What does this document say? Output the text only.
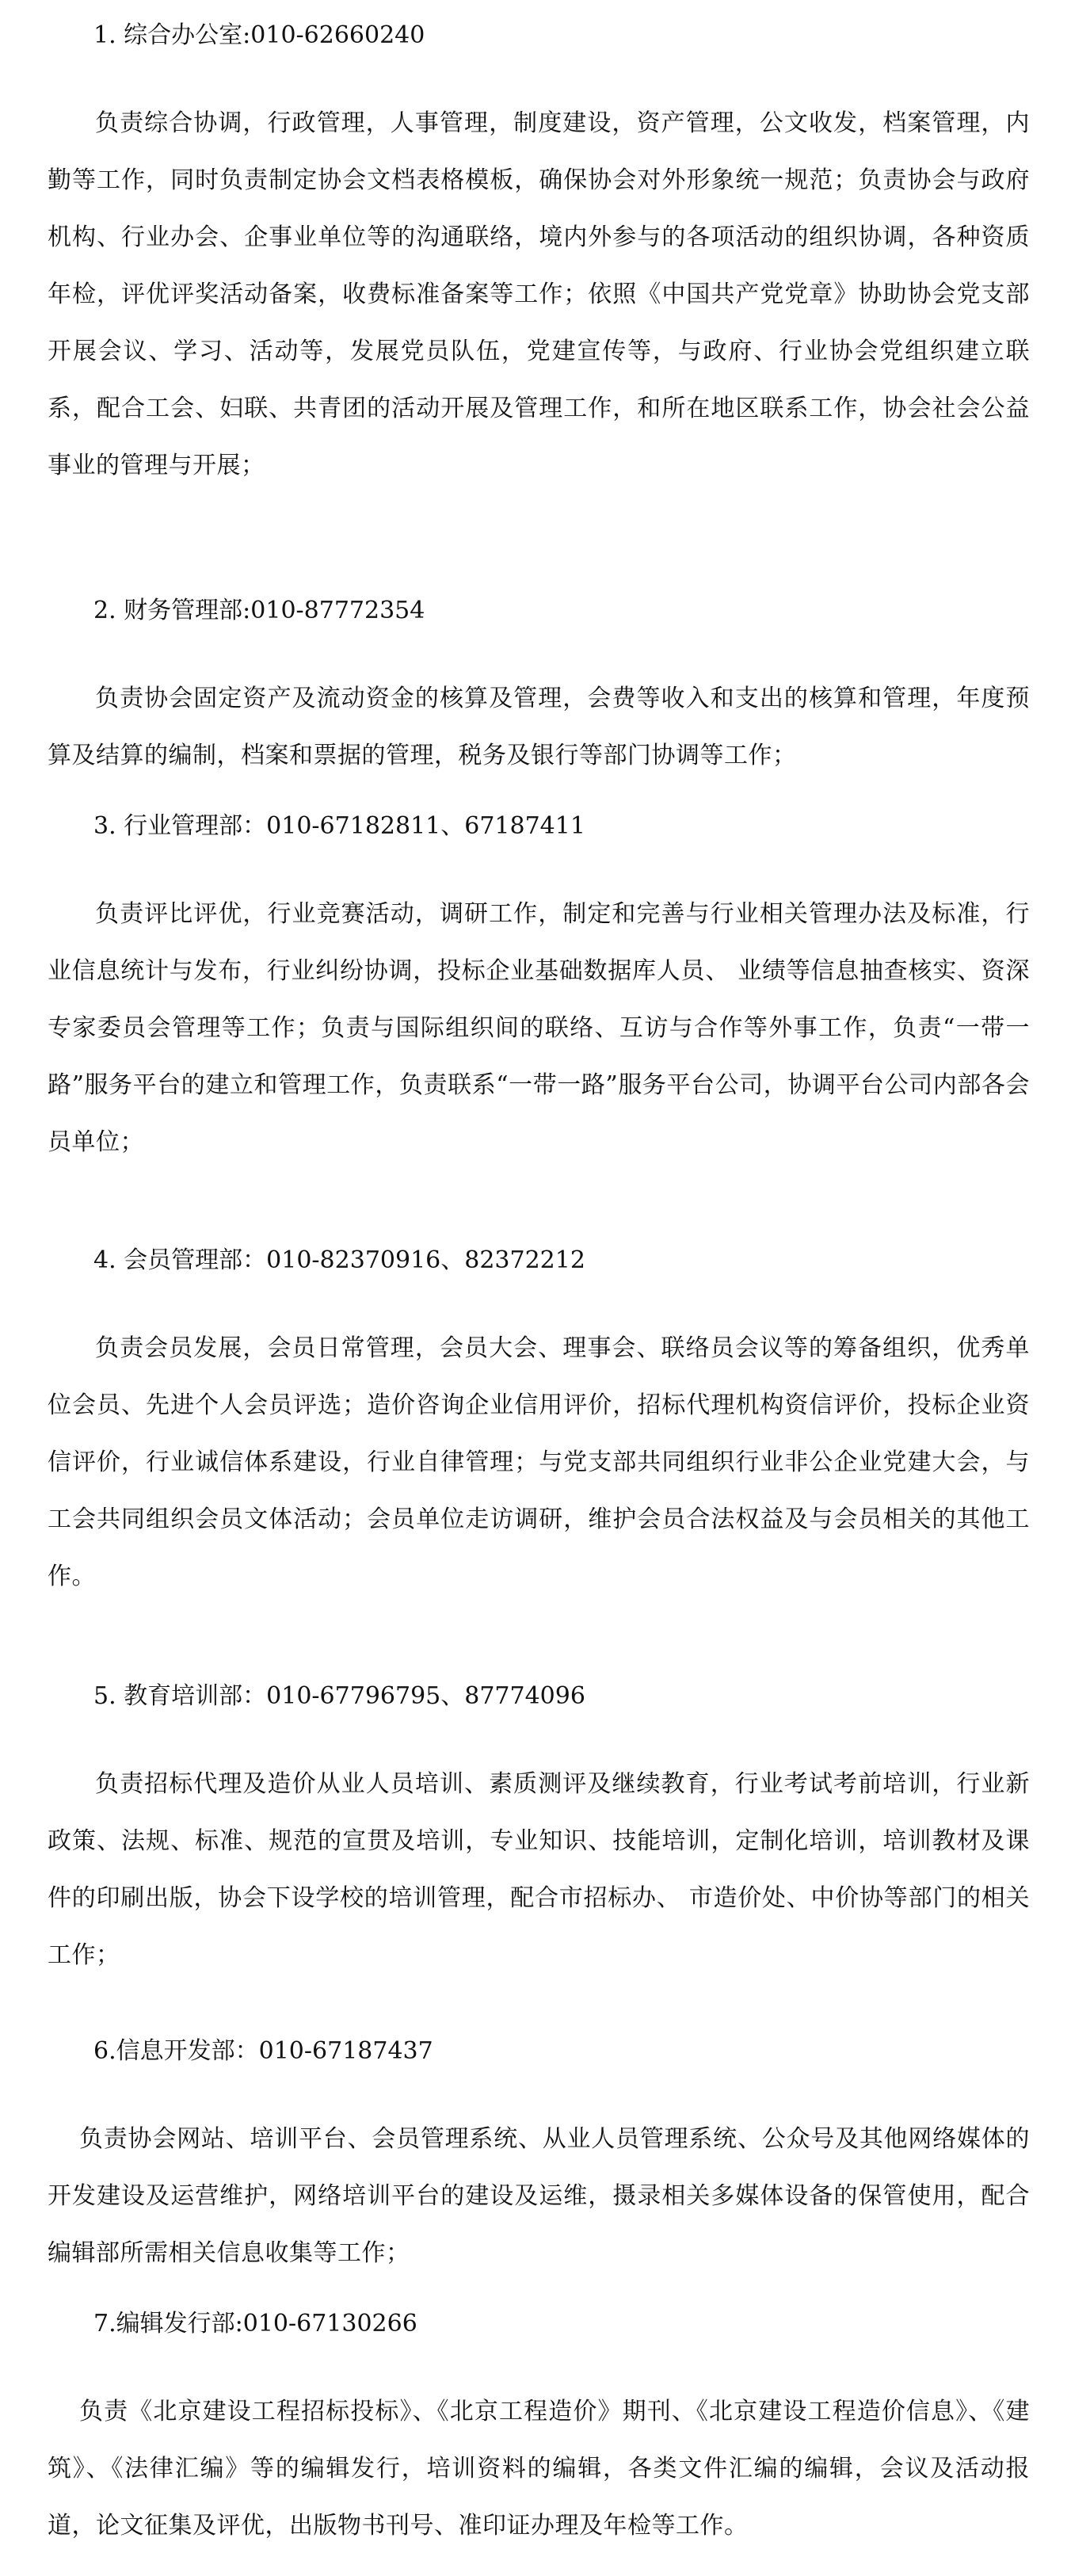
1. 综合办公室:010-62660240
负责综合协调，行政管理，人事管理，制度建设，资产管理，公文收发，档案管理，内勤等工作，同时负责制定协会文档表格模板，确保协会对外形象统一规范；负责协会与政府机构、行业办会、企事业单位等的沟通联络，境内外参与的各项活动的组织协调，各种资质年检，评优评奖活动备案，收费标准备案等工作；依照《中国共产党党章》协助协会党支部开展会议、学习、活动等，发展党员队伍，党建宣传等，与政府、行业协会党组织建立联系，配合工会、妇联、共青团的活动开展及管理工作，和所在地区联系工作，协会社会公益事业的管理与开展；
2. 财务管理部:010-87772354
负责协会固定资产及流动资金的核算及管理，会费等收入和支出的核算和管理，年度预算及结算的编制，档案和票据的管理，税务及银行等部门协调等工作；
3. 行业管理部：010-67182811、67187411
负责评比评优，行业竞赛活动，调研工作，制定和完善与行业相关管理办法及标准，行业信息统计与发布，行业纠纷协调，投标企业基础数据库人员、 业绩等信息抽查核实、资深专家委员会管理等工作；负责与国际组织间的联络、互访与合作等外事工作，负责“一带一路”服务平台的建立和管理工作，负责联系“一带一路”服务平台公司，协调平台公司内部各会员单位；
4. 会员管理部：010-82370916、82372212
负责会员发展，会员日常管理，会员大会、理事会、联络员会议等的筹备组织，优秀单位会员、先进个人会员评选；造价咨询企业信用评价，招标代理机构资信评价，投标企业资信评价，行业诚信体系建设，行业自律管理；与党支部共同组织行业非公企业党建大会，与工会共同组织会员文体活动；会员单位走访调研，维护会员合法权益及与会员相关的其他工作。
5. 教育培训部：010-67796795、87774096
负责招标代理及造价从业人员培训、素质测评及继续教育，行业考试考前培训，行业新政策、法规、标准、规范的宣贯及培训，专业知识、技能培训，定制化培训，培训教材及课件的印刷出版，协会下设学校的培训管理，配合市招标办、 市造价处、中价协等部门的相关工作；
6.信息开发部：010-67187437
负责协会网站、培训平台、会员管理系统、从业人员管理系统、公众号及其他网络媒体的开发建设及运营维护，网络培训平台的建设及运维，摄录相关多媒体设备的保管使用，配合编辑部所需相关信息收集等工作；
7.编辑发行部:010-67130266
负责《北京建设工程招标投标》、《北京工程造价》期刊、《北京建设工程造价信息》、《建筑》、《法律汇编》等的编辑发行，培训资料的编辑，各类文件汇编的编辑，会议及活动报道，论文征集及评优，出版物书刊号、准印证办理及年检等工作。
